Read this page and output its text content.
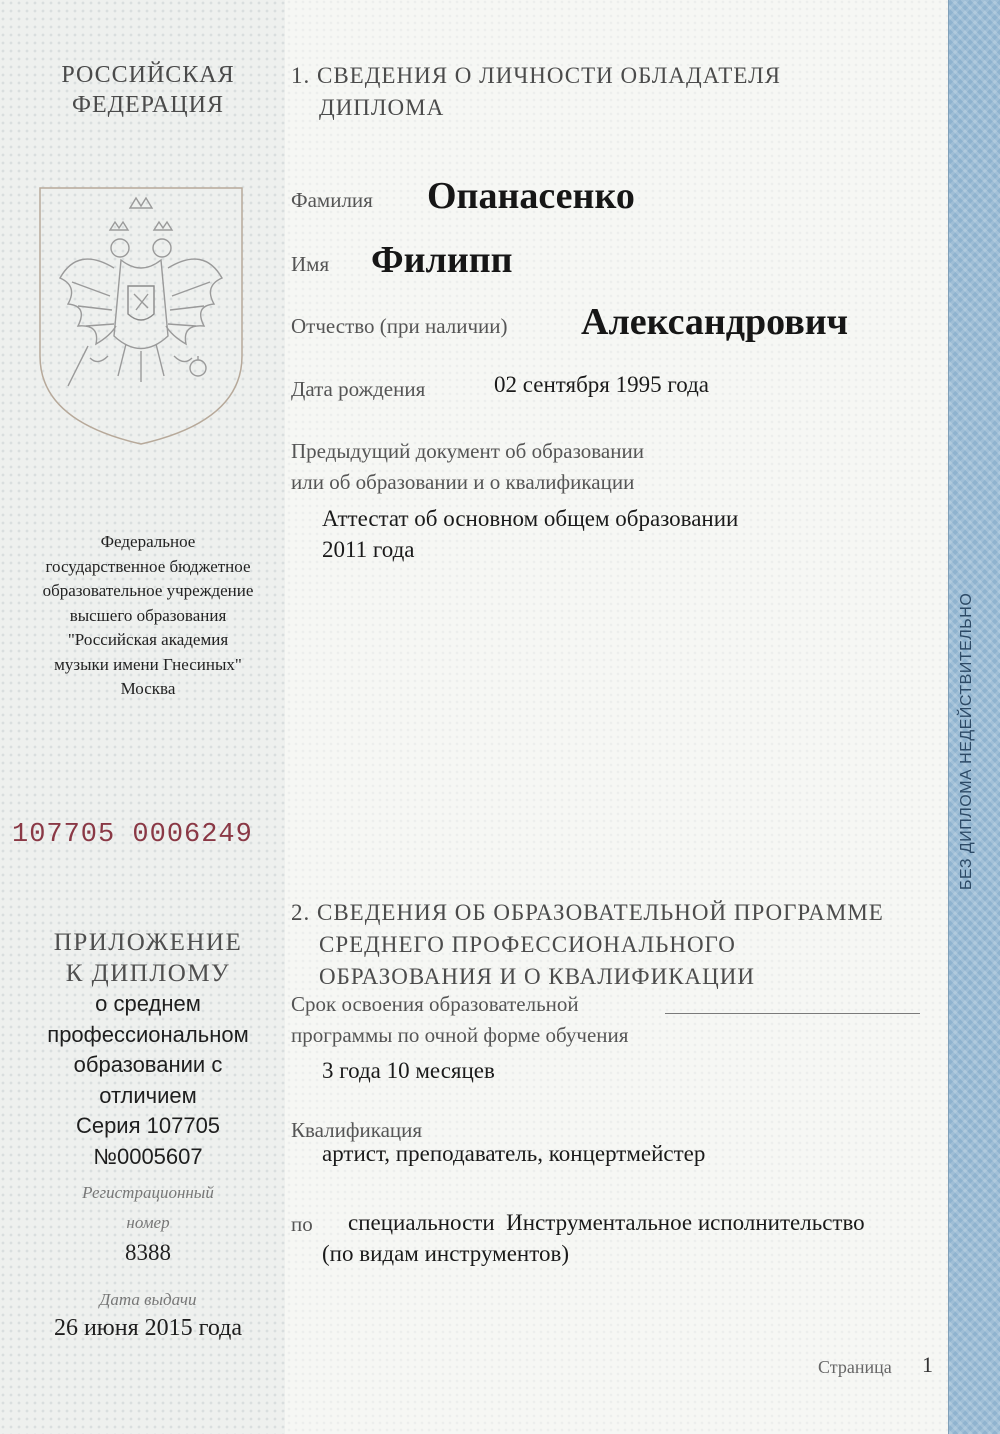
БЕЗ ДИПЛОМА НЕДЕЙСТВИТЕЛЬНО
РОССИЙСКАЯ
ФЕДЕРАЦИЯ
Федеральное
государственное бюджетное
образовательное учреждение
высшего образования
"Российская академия
музыки имени Гнесиных"
Москва
107705 0006249
ПРИЛОЖЕНИЕ
К ДИПЛОМУ
о среднем
профессиональном
образовании с
отличием
Серия 107705
№0005607
Регистрационный
номер
8388
Дата выдачи
26 июня 2015 года
1. СВЕДЕНИЯ О ЛИЧНОСТИ ОБЛАДАТЕЛЯ
ДИПЛОМА
Фамилия Опанасенко
Имя Филипп
Отчество (при наличии) Александрович
Дата рождения	02 сентября 1995 года
Предыдущий документ об образовании
или об образовании и о квалификации
Аттестат об основном общем образовании
2011 года
2. СВЕДЕНИЯ ОБ ОБРАЗОВАТЕЛЬНОЙ ПРОГРАММЕ
СРЕДНЕГО ПРОФЕССИОНАЛЬНОГО
ОБРАЗОВАНИЯ И О КВАЛИФИКАЦИИ
Срок освоения образовательной
программы по очной форме обучения
3 года 10 месяцев
Квалификация
артист, преподаватель, концертмейстер
по специальности  Инструментальное исполнительство
(по видам инструментов)
Страница 1
